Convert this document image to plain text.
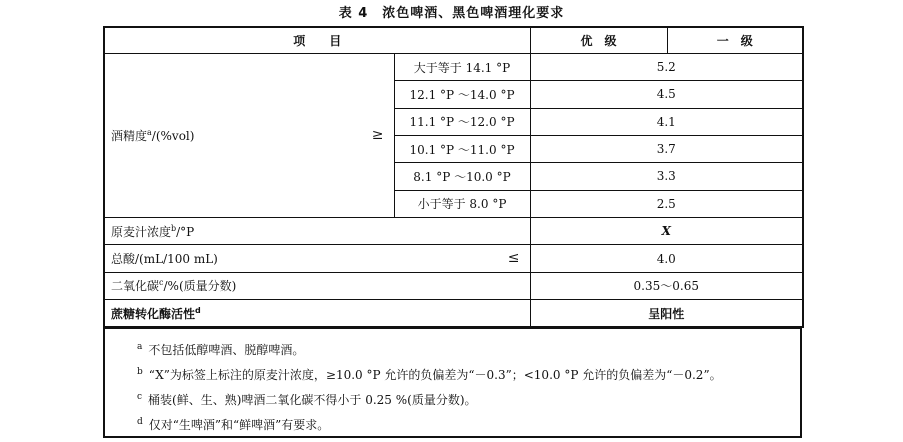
表 4　浓色啤酒、黑色啤酒理化要求
项　　目		优　级	一　级
酒精度$^a$/(%vol) ≥	大于等于 14.1 °P	5.2	
	12.1 °P ～14.0 °P	4.5	
	11.1 °P ～12.0 °P	4.1	
	10.1 °P ～11.0 °P	3.7	
	8.1 °P ～10.0 °P	3.3	
	小于等于 8.0 °P	2.5	
原麦汁浓度$^b$/°P		X	
总酸/(mL/100 mL) ≤		4.0	
二氧化碳$^c$/%(质量分数)		0.35～0.65	
蔗糖转化酶活性$^d$		呈阳性	
$^a$ 不包括低醇啤酒、脱醇啤酒。
$^b$ “X”为标签上标注的原麦汁浓度，≥10.0 °P 允许的负偏差为“－0.3”；<10.0 °P 允许的负偏差为“－0.2”。
$^c$ 桶装(鲜、生、熟)啤酒二氧化碳不得小于 0.25 %(质量分数)。
$^d$ 仅对“生啤酒”和“鲜啤酒”有要求。
